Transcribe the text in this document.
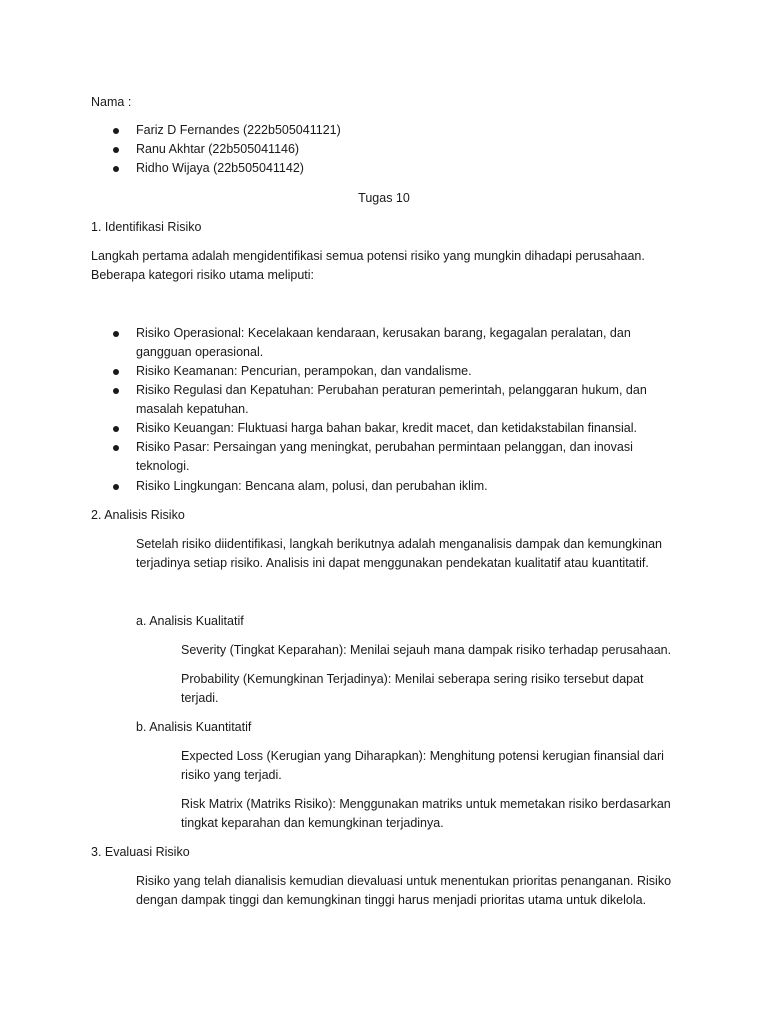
Nama :

Fariz D Fernandes (222b505041121)

Ranu Akhtar (22b505041146)

Ridho Wijaya (22b505041142)

Tugas 10

1. Identifikasi Risiko

Langkah pertama adalah mengidentifikasi semua potensi risiko yang mungkin dihadapi perusahaan.

Beberapa kategori risiko utama meliputi:

Risiko Operasional: Kecelakaan kendaraan, kerusakan barang, kegagalan peralatan, dan

gangguan operasional.

Risiko Keamanan: Pencurian, perampokan, dan vandalisme.

Risiko Regulasi dan Kepatuhan: Perubahan peraturan pemerintah, pelanggaran hukum, dan

masalah kepatuhan.

Risiko Keuangan: Fluktuasi harga bahan bakar, kredit macet, dan ketidakstabilan finansial.

Risiko Pasar: Persaingan yang meningkat, perubahan permintaan pelanggan, dan inovasi

teknologi.

Risiko Lingkungan: Bencana alam, polusi, dan perubahan iklim.

2. Analisis Risiko

Setelah risiko diidentifikasi, langkah berikutnya adalah menganalisis dampak dan kemungkinan

terjadinya setiap risiko. Analisis ini dapat menggunakan pendekatan kualitatif atau kuantitatif.

a. Analisis Kualitatif

Severity (Tingkat Keparahan): Menilai sejauh mana dampak risiko terhadap perusahaan.

Probability (Kemungkinan Terjadinya): Menilai seberapa sering risiko tersebut dapat

terjadi.

b. Analisis Kuantitatif

Expected Loss (Kerugian yang Diharapkan): Menghitung potensi kerugian finansial dari

risiko yang terjadi.

Risk Matrix (Matriks Risiko): Menggunakan matriks untuk memetakan risiko berdasarkan

tingkat keparahan dan kemungkinan terjadinya.

3. Evaluasi Risiko

Risiko yang telah dianalisis kemudian dievaluasi untuk menentukan prioritas penanganan. Risiko

dengan dampak tinggi dan kemungkinan tinggi harus menjadi prioritas utama untuk dikelola.
